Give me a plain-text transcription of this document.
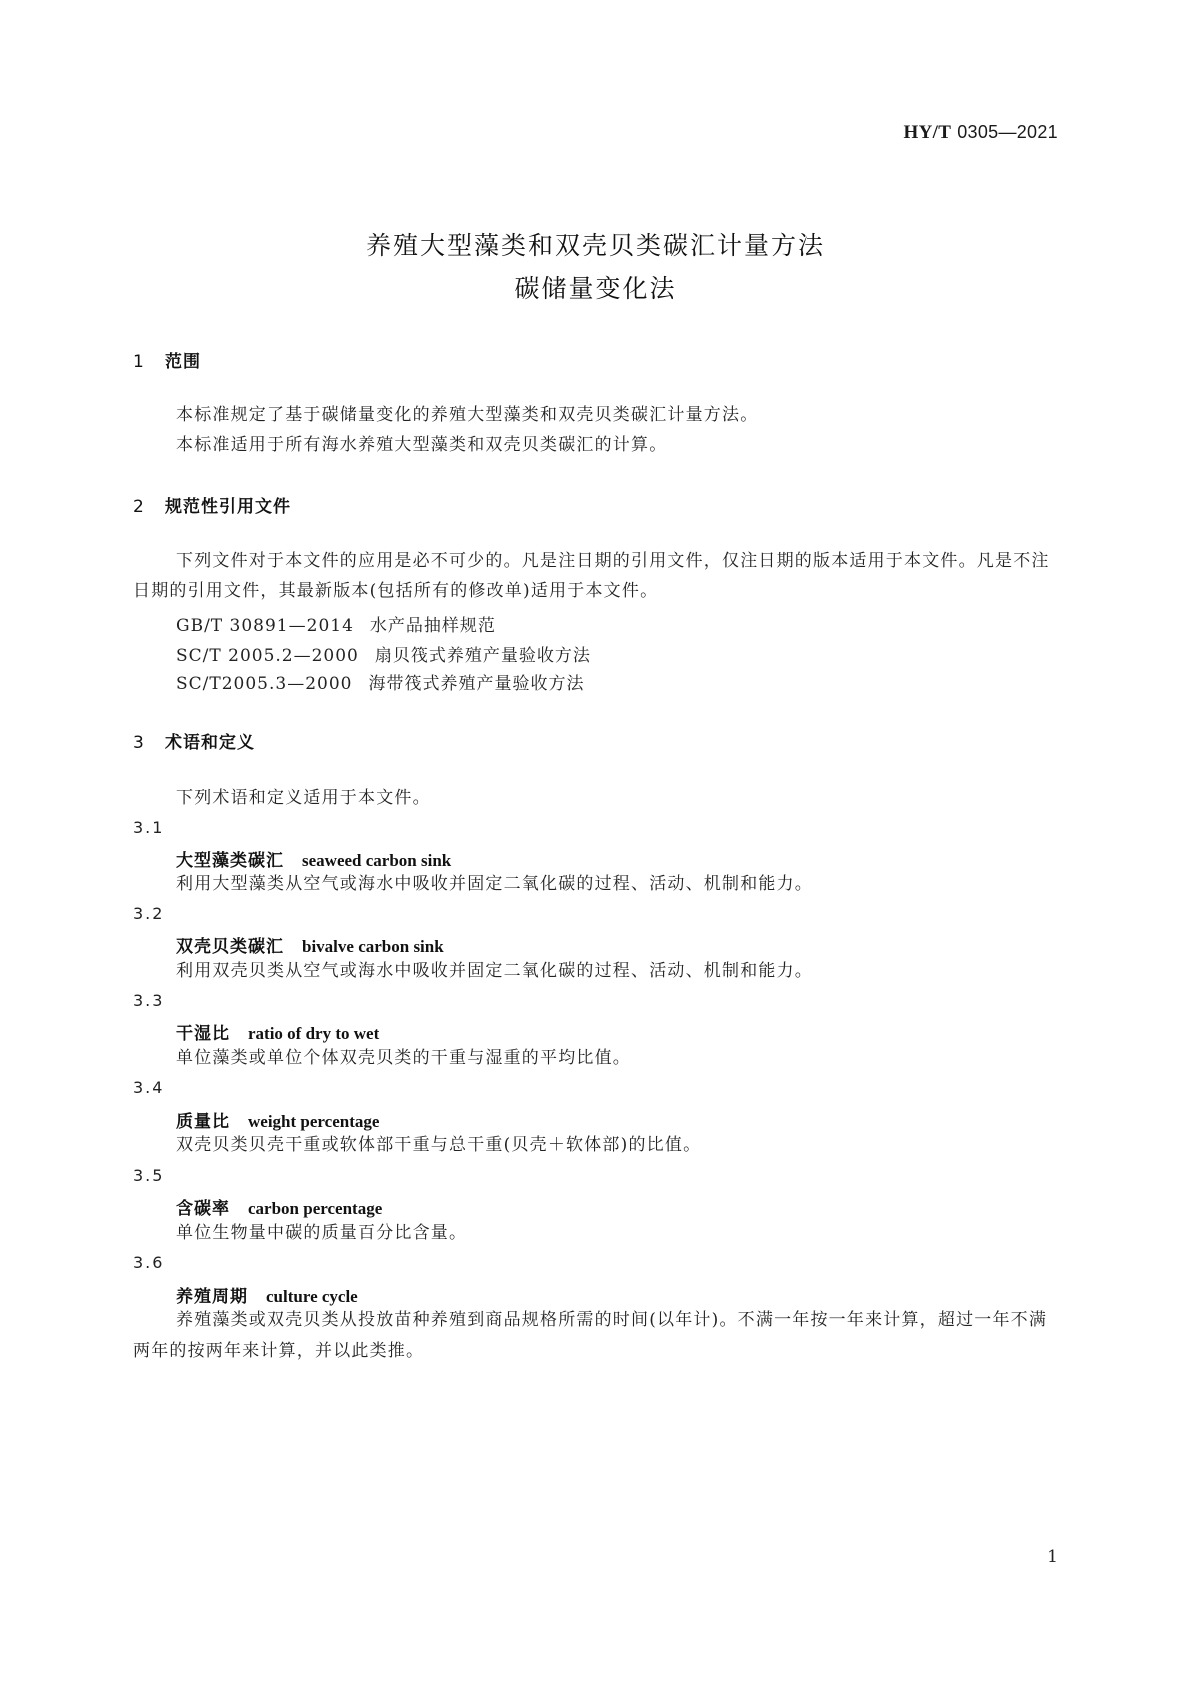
HY/T 0305—2021
养殖大型藻类和双壳贝类碳汇计量方法
碳储量变化法
1 范围
本标准规定了基于碳储量变化的养殖大型藻类和双壳贝类碳汇计量方法。
本标准适用于所有海水养殖大型藻类和双壳贝类碳汇的计算。
2 规范性引用文件
下列文件对于本文件的应用是必不可少的。凡是注日期的引用文件，仅注日期的版本适用于本文件。凡是不注日期的引用文件，其最新版本(包括所有的修改单)适用于本文件。
GB/T 30891—2014 水产品抽样规范
SC/T 2005.2—2000 扇贝筏式养殖产量验收方法
SC/T2005.3—2000 海带筏式养殖产量验收方法
3 术语和定义
下列术语和定义适用于本文件。
3.1
大型藻类碳汇 seaweed carbon sink
利用大型藻类从空气或海水中吸收并固定二氧化碳的过程、活动、机制和能力。
3.2
双壳贝类碳汇 bivalve carbon sink
利用双壳贝类从空气或海水中吸收并固定二氧化碳的过程、活动、机制和能力。
3.3
干湿比 ratio of dry to wet
单位藻类或单位个体双壳贝类的干重与湿重的平均比值。
3.4
质量比 weight percentage
双壳贝类贝壳干重或软体部干重与总干重(贝壳＋软体部)的比值。
3.5
含碳率 carbon percentage
单位生物量中碳的质量百分比含量。
3.6
养殖周期 culture cycle
养殖藻类或双壳贝类从投放苗种养殖到商品规格所需的时间(以年计)。不满一年按一年来计算，超过一年不满两年的按两年来计算，并以此类推。
1
